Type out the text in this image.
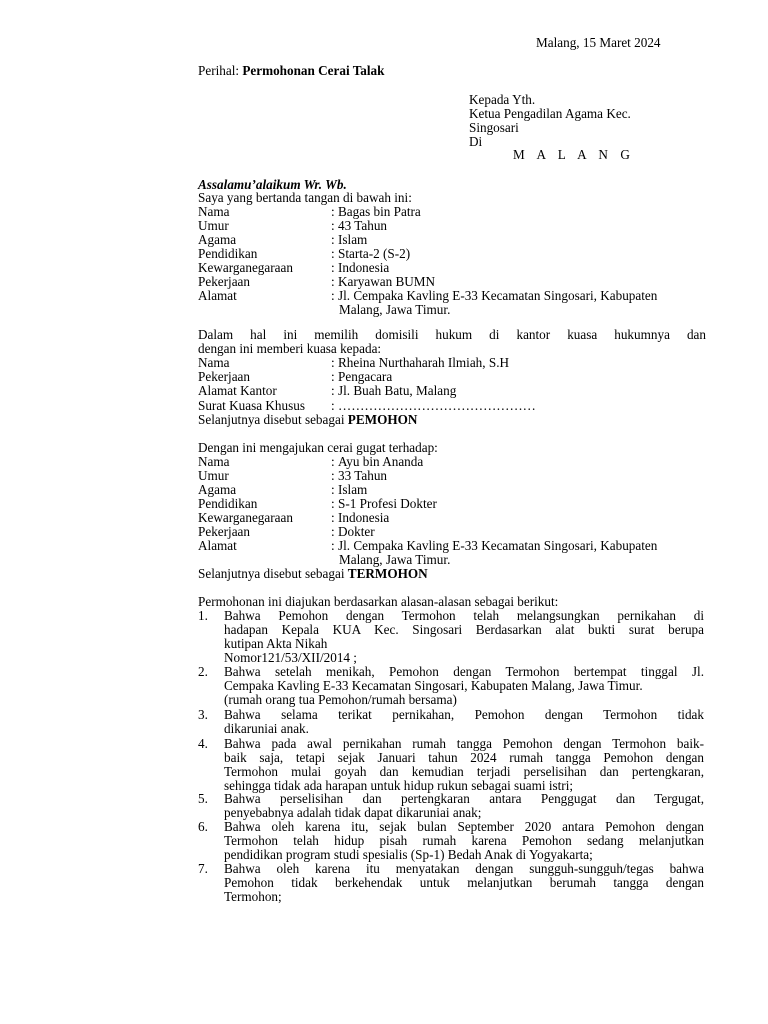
Malang, 15 Maret 2024
Perihal: Permohonan Cerai Talak
Kepada Yth.
Ketua Pengadilan Agama Kec.
Singosari
Di
M A L A N G
Assalamu’alaikum Wr. Wb.
Saya yang bertanda tangan di bawah ini:
Nama	: Bagas bin Patra
Umur	: 43 Tahun
Agama	: Islam
Pendidikan	: Starta-2 (S-2)
Kewarganegaraan	: Indonesia
Pekerjaan	: Karyawan BUMN
Alamat	: Jl. Cempaka Kavling E-33 Kecamatan Singosari, Kabupaten
Malang, Jawa Timur.
Dalam hal ini memilih domisili hukum di kantor kuasa hukumnya dan
dengan ini memberi kuasa kepada:
Nama	: Rheina Nurthaharah Ilmiah, S.H
Pekerjaan	: Pengacara
Alamat Kantor	: Jl. Buah Batu, Malang
Surat Kuasa Khusus : ………………………………………
Selanjutnya disebut sebagai PEMOHON
Dengan ini mengajukan cerai gugat terhadap:
Nama	: Ayu bin Ananda
Umur	: 33 Tahun
Agama	: Islam
Pendidikan	: S-1 Profesi Dokter
Kewarganegaraan	: Indonesia
Pekerjaan	: Dokter
Alamat	: Jl. Cempaka Kavling E-33 Kecamatan Singosari, Kabupaten
Malang, Jawa Timur.
Selanjutnya disebut sebagai TERMOHON
Permohonan ini diajukan berdasarkan alasan-alasan sebagai berikut:
1. Bahwa Pemohon dengan Termohon telah melangsungkan pernikahan di
hadapan Kepala KUA Kec. Singosari Berdasarkan alat bukti surat berupa
kutipan Akta Nikah
Nomor121/53/XII/2014 ;
2. Bahwa setelah menikah, Pemohon dengan Termohon bertempat tinggal Jl.
Cempaka Kavling E-33 Kecamatan Singosari, Kabupaten Malang, Jawa Timur.
(rumah orang tua Pemohon/rumah bersama)
3. Bahwa selama terikat pernikahan, Pemohon dengan Termohon tidak
dikaruniai anak.
4. Bahwa pada awal pernikahan rumah tangga Pemohon dengan Termohon baik-
baik saja, tetapi sejak Januari tahun 2024 rumah tangga Pemohon dengan
Termohon mulai goyah dan kemudian terjadi perselisihan dan pertengkaran,
sehingga tidak ada harapan untuk hidup rukun sebagai suami istri;
5. Bahwa perselisihan dan pertengkaran antara Penggugat dan Tergugat,
penyebabnya adalah tidak dapat dikaruniai anak;
6. Bahwa oleh karena itu, sejak bulan September 2020 antara Pemohon dengan
Termohon telah hidup pisah rumah karena Pemohon sedang melanjutkan
pendidikan program studi spesialis (Sp-1) Bedah Anak di Yogyakarta;
7. Bahwa oleh karena itu menyatakan dengan sungguh-sungguh/tegas bahwa
Pemohon tidak berkehendak untuk melanjutkan berumah tangga dengan
Termohon;
